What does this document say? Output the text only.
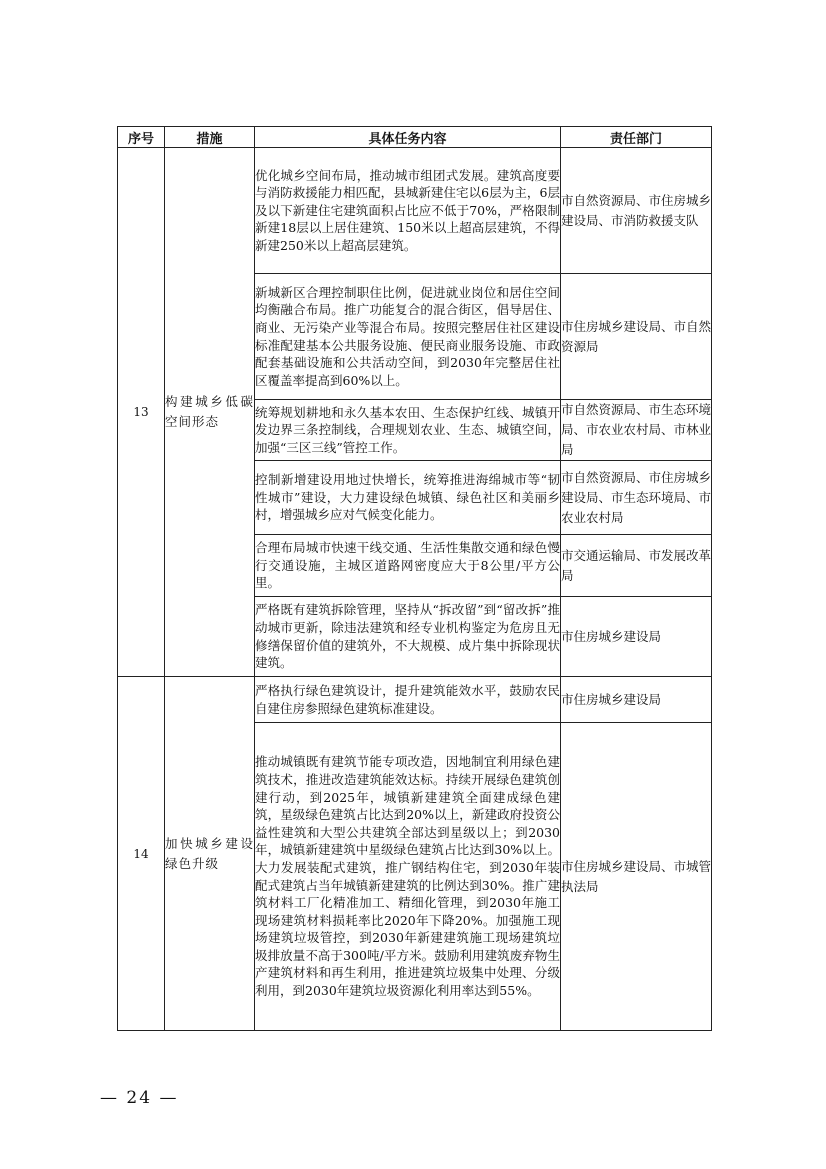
序号	措施	具体任务内容	责任部门
13	构建城乡低碳空间形态	优化城乡空间布局，推动城市组团式发展。建筑高度要与消防救援能力相匹配，县城新建住宅以6层为主，6层及以下新建住宅建筑面积占比应不低于70%，严格限制新建18层以上居住建筑、150米以上超高层建筑，不得新建250米以上超高层建筑。	市自然资源局、市住房城乡建设局、市消防救援支队
		新城新区合理控制职住比例，促进就业岗位和居住空间均衡融合布局。推广功能复合的混合街区，倡导居住、商业、无污染产业等混合布局。按照完整居住社区建设标准配建基本公共服务设施、便民商业服务设施、市政配套基础设施和公共活动空间，到2030年完整居住社区覆盖率提高到60%以上。	市住房城乡建设局、市自然资源局
		统筹规划耕地和永久基本农田、生态保护红线、城镇开发边界三条控制线，合理规划农业、生态、城镇空间，加强“三区三线”管控工作。	市自然资源局、市生态环境局、市农业农村局、市林业局
		控制新增建设用地过快增长，统筹推进海绵城市等“韧性城市”建设，大力建设绿色城镇、绿色社区和美丽乡村，增强城乡应对气候变化能力。	市自然资源局、市住房城乡建设局、市生态环境局、市农业农村局
		合理布局城市快速干线交通、生活性集散交通和绿色慢行交通设施，主城区道路网密度应大于8公里/平方公里。	市交通运输局、市发展改革局
		严格既有建筑拆除管理，坚持从“拆改留”到“留改拆”推动城市更新，除违法建筑和经专业机构鉴定为危房且无修缮保留价值的建筑外，不大规模、成片集中拆除现状建筑。	市住房城乡建设局
14	加快城乡建设绿色升级	严格执行绿色建筑设计，提升建筑能效水平，鼓励农民自建住房参照绿色建筑标准建设。	市住房城乡建设局
		推动城镇既有建筑节能专项改造，因地制宜利用绿色建筑技术，推进改造建筑能效达标。持续开展绿色建筑创建行动，到2025年，城镇新建建筑全面建成绿色建筑，星级绿色建筑占比达到20%以上，新建政府投资公益性建筑和大型公共建筑全部达到星级以上；到2030年，城镇新建建筑中星级绿色建筑占比达到30%以上。大力发展装配式建筑，推广钢结构住宅，到2030年装配式建筑占当年城镇新建建筑的比例达到30%。推广建筑材料工厂化精准加工、精细化管理，到2030年施工现场建筑材料损耗率比2020年下降20%。加强施工现场建筑垃圾管控，到2030年新建建筑施工现场建筑垃圾排放量不高于300吨/平方米。鼓励利用建筑废弃物生产建筑材料和再生利用，推进建筑垃圾集中处理、分级利用，到2030年建筑垃圾资源化利用率达到55%。	市住房城乡建设局、市城管执法局
— 24 —
